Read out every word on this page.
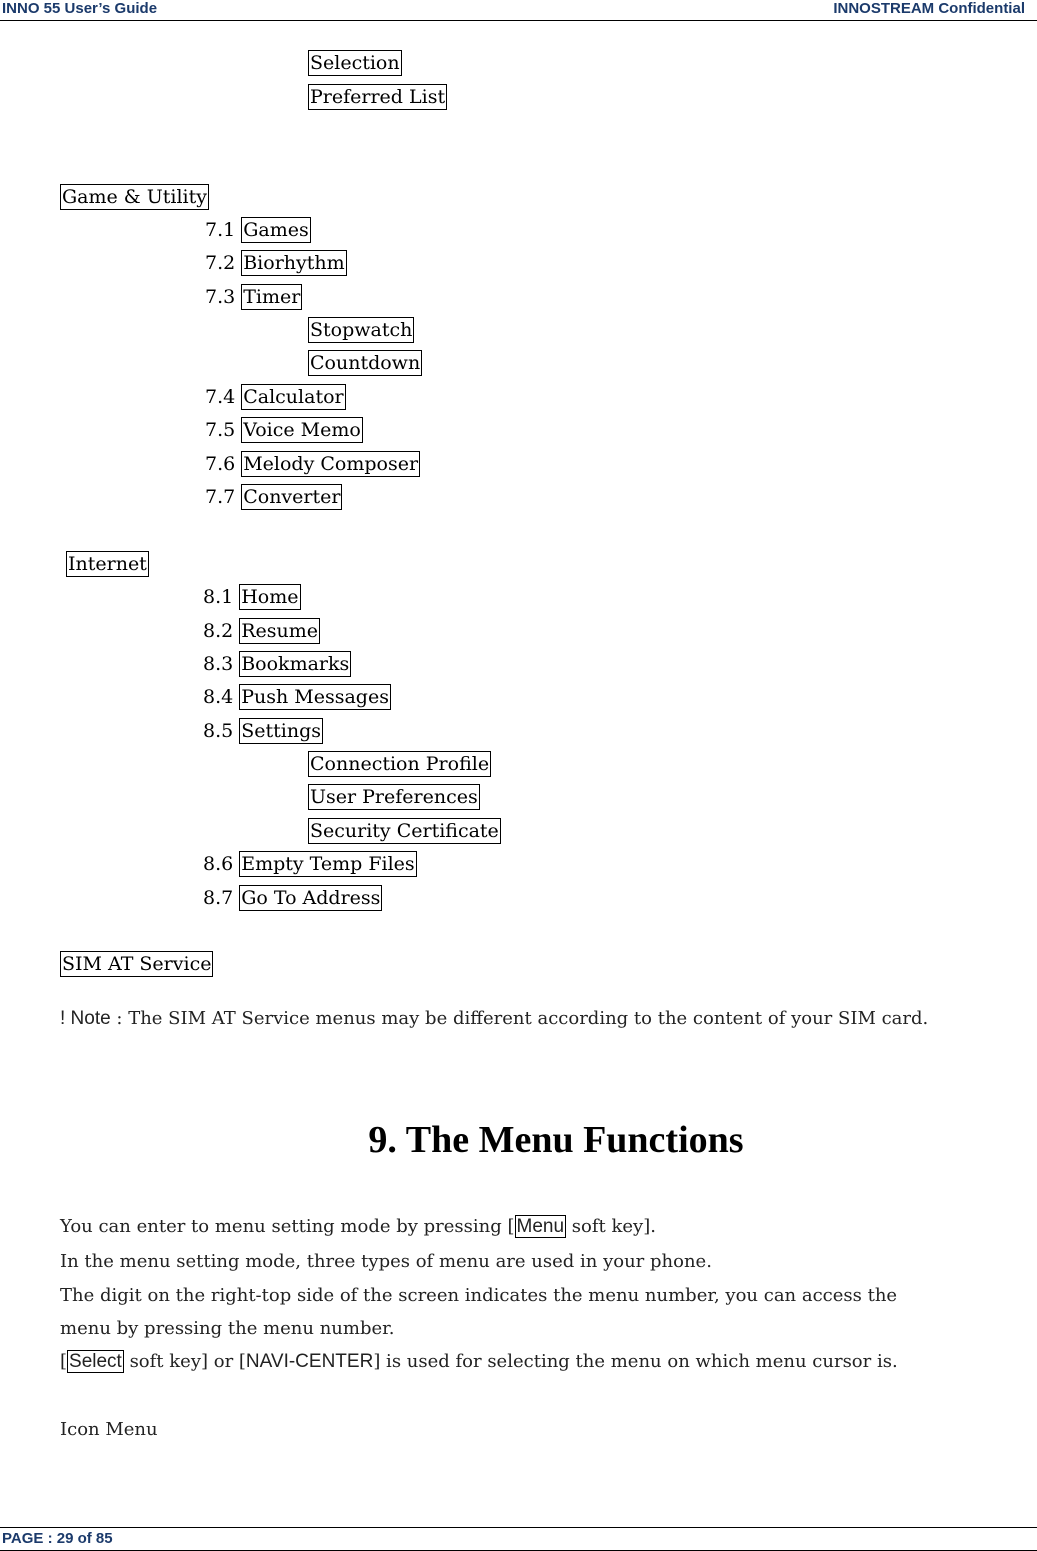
INNO 55 User’s Guide	INNOSTREAM Confidential
Selection
Preferred List
Game & Utility
7.1 Games
7.2 Biorhythm
7.3 Timer
Stopwatch
Countdown
7.4 Calculator
7.5 Voice Memo
7.6 Melody Composer
7.7 Converter
Internet
8.1 Home
8.2 Resume
8.3 Bookmarks
8.4 Push Messages
8.5 Settings
Connection Profile
User Preferences
Security Certificate
8.6 Empty Temp Files
8.7 Go To Address
SIM AT Service
! Note : The SIM AT Service menus may be different according to the content of your SIM card.
9. The Menu Functions
You can enter to menu setting mode by pressing [ Menu soft key].
In the menu setting mode, three types of menu are used in your phone.
The digit on the right-top side of the screen indicates the menu number, you can access the
menu by pressing the menu number.
[ Select soft key] or [NAVI-CENTER] is used for selecting the menu on which menu cursor is.
Icon Menu
PAGE : 29 of 85
